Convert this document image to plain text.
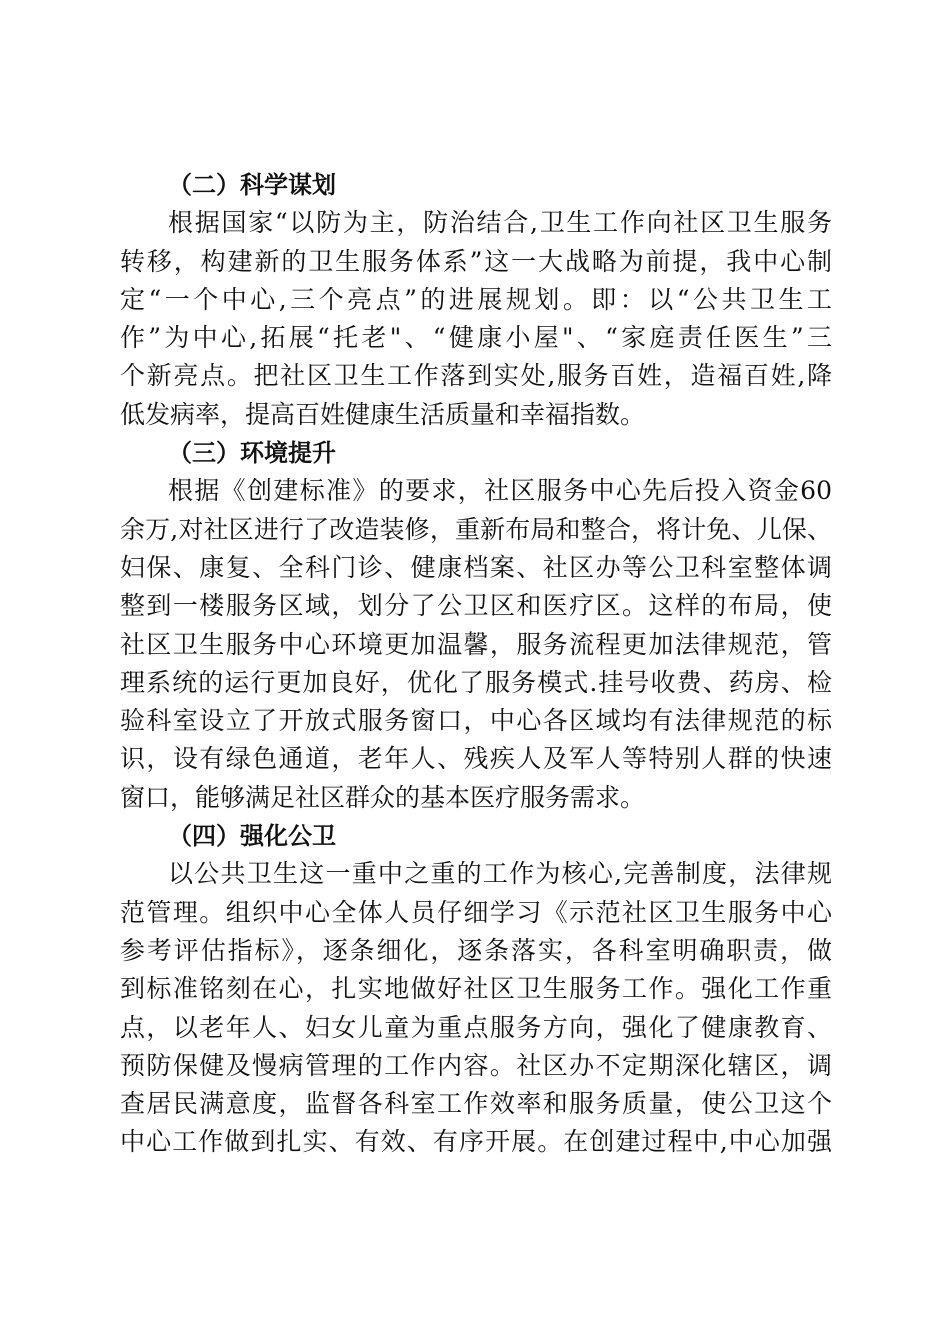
（二）科学谋划
根据国家“以防为主，防治结合,卫生工作向社区卫生服务
转移，构建新的卫生服务体系”这一大战略为前提，我中心制
定“一个中心,三个亮点”的进展规划。即：以“公共卫生工
作”为中心,拓展“托老"、“健康小屋"、“家庭责任医生”三
个新亮点。把社区卫生工作落到实处,服务百姓，造福百姓,降
低发病率，提高百姓健康生活质量和幸福指数。
（三）环境提升
根据《创建标准》的要求，社区服务中心先后投入资金60
余万,对社区进行了改造装修，重新布局和整合，将计免、儿保、
妇保、康复、全科门诊、健康档案、社区办等公卫科室整体调
整到一楼服务区域，划分了公卫区和医疗区。这样的布局，使
社区卫生服务中心环境更加温馨，服务流程更加法律规范，管
理系统的运行更加良好，优化了服务模式.挂号收费、药房、检
验科室设立了开放式服务窗口，中心各区域均有法律规范的标
识，设有绿色通道，老年人、残疾人及军人等特别人群的快速
窗口，能够满足社区群众的基本医疗服务需求。
（四）强化公卫
以公共卫生这一重中之重的工作为核心,完善制度，法律规
范管理。组织中心全体人员仔细学习《示范社区卫生服务中心
参考评估指标》，逐条细化，逐条落实，各科室明确职责，做
到标准铭刻在心，扎实地做好社区卫生服务工作。强化工作重
点，以老年人、妇女儿童为重点服务方向，强化了健康教育、
预防保健及慢病管理的工作内容。社区办不定期深化辖区，调
查居民满意度，监督各科室工作效率和服务质量，使公卫这个
中心工作做到扎实、有效、有序开展。在创建过程中,中心加强
